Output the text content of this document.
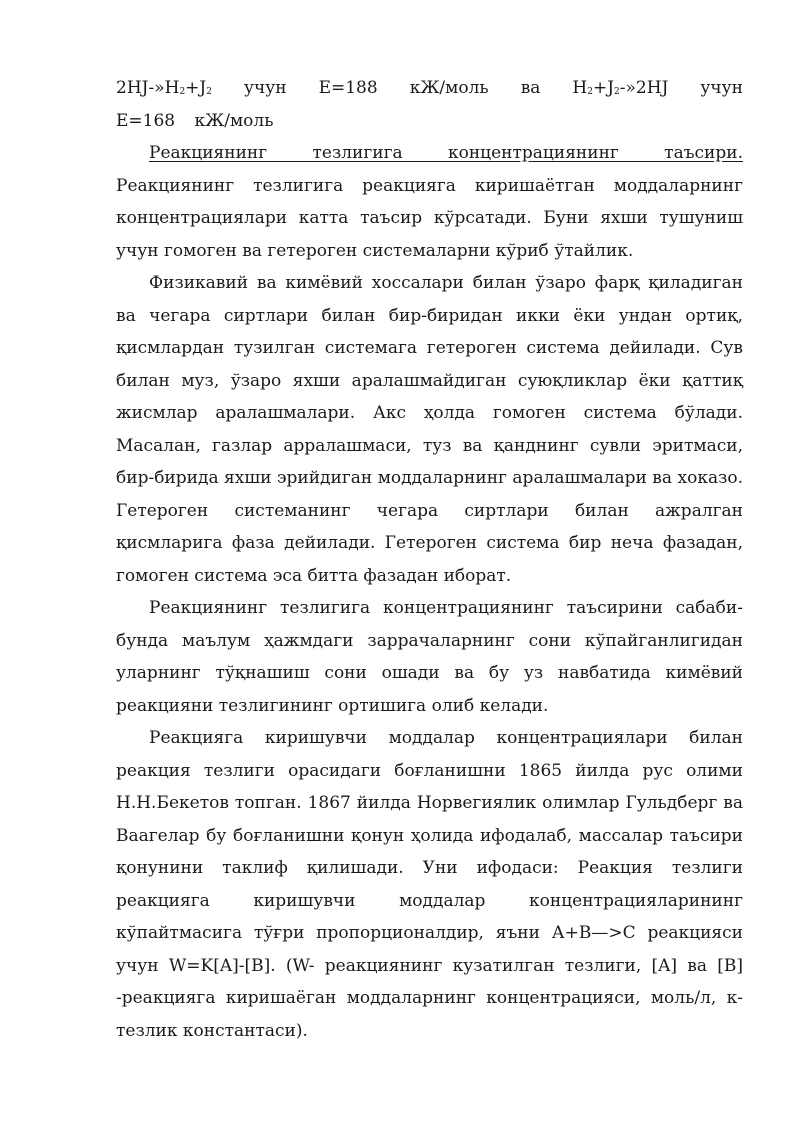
$2HJ-»H_2+J_2$ учун Е=188 кЖ/моль ва $Н_2+J_2-»2HJ$ учун Е=168 кЖ/моль

Реакциянинг тезлигига концентрациянинг таъсири. Реакциянинг тезлигига реакцияга киришаётган моддаларнинг концентрациялари катта таъсир кўрсатади. Буни яхши тушуниш учун гомоген ва гетероген системаларни кўриб ўтайлик.

Физикавий ва кимёвий хоссалари билан ўзаро фарқ қиладиган ва чегара сиртлари билан бир-биридан икки ёки ундан ортиқ, қисмлардан тузилган системага гетероген система дейилади. Сув билан муз, ўзаро яхши аралашмайдиган суюқликлар ёки қаттиқ жисмлар аралашмалари. Акс ҳолда гомоген система бўлади. Масалан, газлар арралашмаси, туз ва қанднинг сувли эритмаси, бир-бирида яхши эрийдиган моддаларнинг аралашмалари ва хоказо. Гетероген системанинг чегара сиртлари билан ажралган қисмларига фаза дейилади. Гетероген система бир неча фазадан, гомоген система эса битта фазадан иборат.

Реакциянинг тезлигига концентрациянинг таъсирини сабаби-бунда маълум ҳажмдаги заррачаларнинг сони кўпайганлигидан уларнинг тўқнашиш сони ошади ва бу уз навбатида кимёвий реакцияни тезлигининг ортишига олиб келади.

Реакцияга киришувчи моддалар концентрациялари билан реакция тезлиги орасидаги боғланишни 1865 йилда рус олими Н.Н.Бекетов топган. 1867 йилда Норвегиялик олимлар Гульдберг ва Ваагелар бу боғланишни қонун ҳолида ифодалаб, массалар таъсири қонунини таклиф қилишади. Уни ифодаси: Реакция тезлиги реакцияга киришувчи моддалар концентрацияларининг кўпайтмасига тўғри пропорционалдир, яъни А+В—>С реакцияси учун W=K[A]-[B]. (W- реакциянинг кузатилган тезлиги, [A] ва [B] -реакцияга киришаёган моддаларнинг концентрацияси, моль/л, к-тезлик константаси).
